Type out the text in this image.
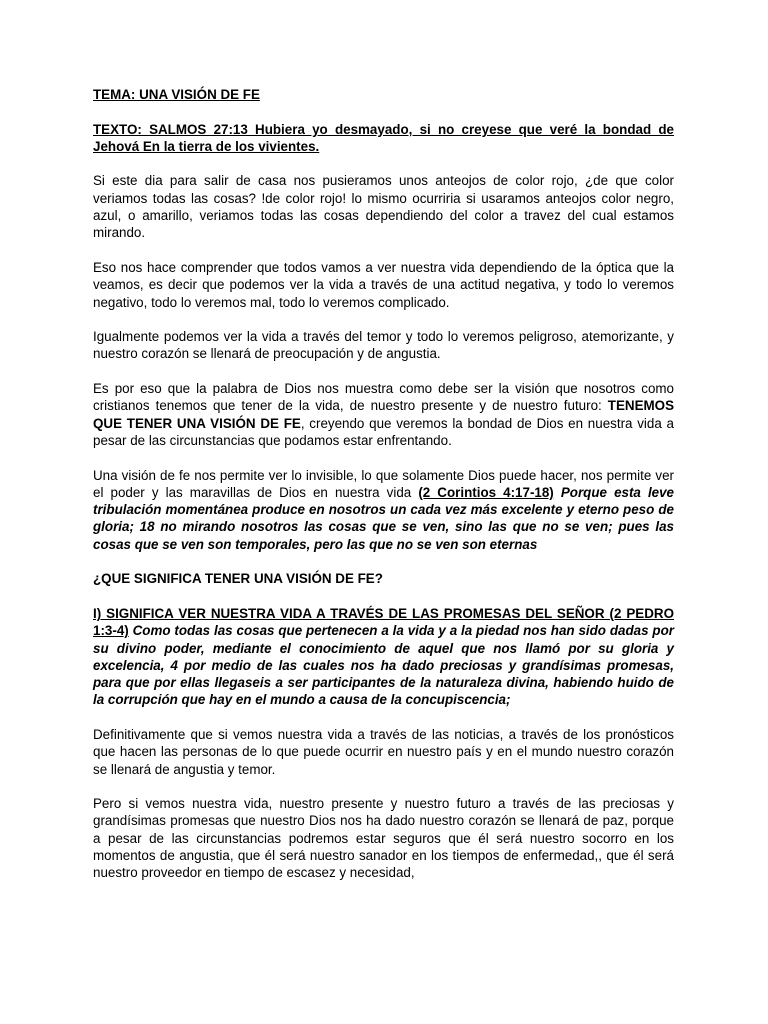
TEMA: UNA VISIÓN DE FE

TEXTO: SALMOS 27:13 Hubiera yo desmayado, si no creyese que veré la bondad de Jehová En la tierra de los vivientes.

Si este dia para salir de casa nos pusieramos unos anteojos de color rojo, ¿de que color veriamos todas las cosas? !de color rojo! lo mismo ocurriria si usaramos anteojos color negro, azul, o amarillo, veriamos todas las cosas dependiendo del color a travez del cual estamos mirando.

Eso nos hace comprender que todos vamos a ver nuestra vida dependiendo de la óptica que la veamos, es decir que podemos ver la vida a través de una actitud negativa, y todo lo veremos negativo, todo lo veremos mal, todo lo veremos complicado.

Igualmente podemos ver la vida a través del temor y todo lo veremos peligroso, atemorizante, y nuestro corazón se llenará de preocupación y de angustia.

Es por eso que la palabra de Dios nos muestra como debe ser la visión que nosotros como cristianos tenemos que tener de la vida, de nuestro presente y de nuestro futuro: TENEMOS QUE TENER UNA VISIÓN DE FE, creyendo que veremos la bondad de Dios en nuestra vida a pesar de las circunstancias que podamos estar enfrentando.

Una visión de fe nos permite ver lo invisible, lo que solamente Dios puede hacer, nos permite ver el poder y las maravillas de Dios en nuestra vida (2 Corintios 4:17-18) Porque esta leve tribulación momentánea produce en nosotros un cada vez más excelente y eterno peso de gloria; 18 no mirando nosotros las cosas que se ven, sino las que no se ven; pues las cosas que se ven son temporales, pero las que no se ven son eternas

¿QUE SIGNIFICA TENER UNA VISIÓN DE FE?

I) SIGNIFICA VER NUESTRA VIDA A TRAVÉS DE LAS PROMESAS DEL SEÑOR (2 PEDRO 1:3-4) Como todas las cosas que pertenecen a la vida y a la piedad nos han sido dadas por su divino poder, mediante el conocimiento de aquel que nos llamó por su gloria y excelencia, 4 por medio de las cuales nos ha dado preciosas y grandísimas promesas, para que por ellas llegaseis a ser participantes de la naturaleza divina, habiendo huido de la corrupción que hay en el mundo a causa de la concupiscencia;

Definitivamente que si vemos nuestra vida a través de las noticias, a través de los pronósticos que hacen las personas de lo que puede ocurrir en nuestro país y en el mundo nuestro corazón se llenará de angustia y temor.

Pero si vemos nuestra vida, nuestro presente y nuestro futuro a través de las preciosas y grandísimas promesas que nuestro Dios nos ha dado nuestro corazón se llenará de paz, porque a pesar de las circunstancias podremos estar seguros que él será nuestro socorro en los momentos de angustia, que él será nuestro sanador en los tiempos de enfermedad,, que él será nuestro proveedor en tiempo de escasez y necesidad,
